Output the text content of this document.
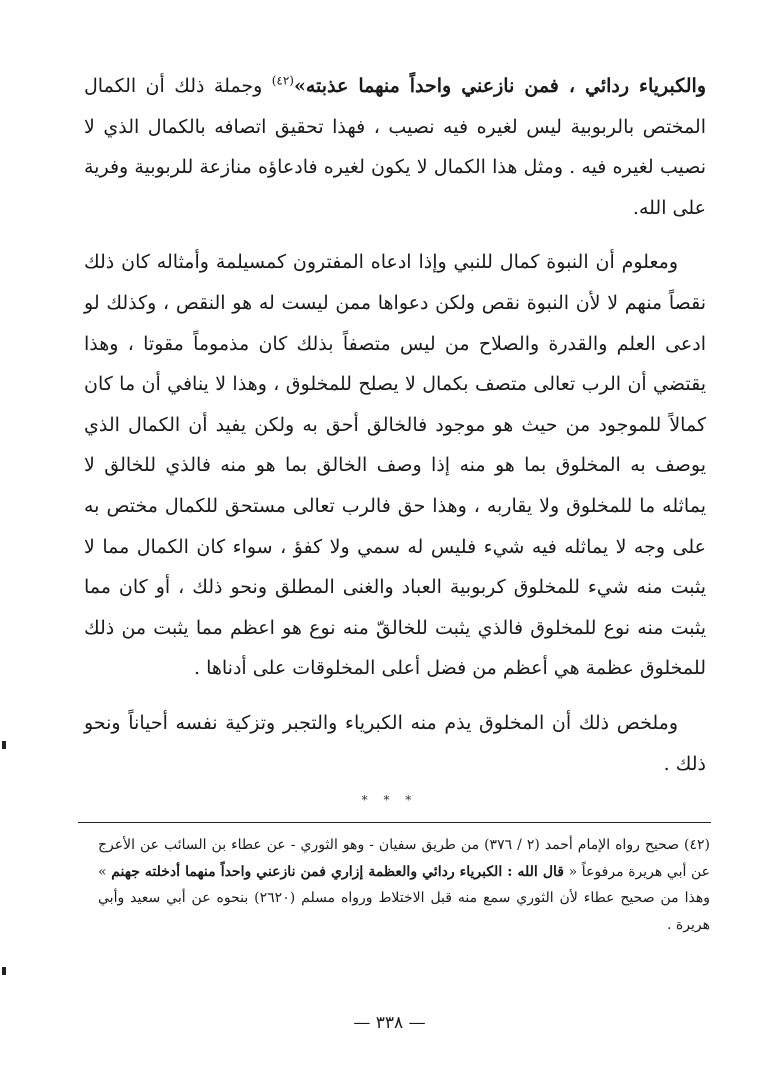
والكبرياء ردائي ، فمن نازعني واحداً منهما عذبته»$^{(٤٢)}$ وجملة ذلك أن الكمال المختص بالربوبية ليس لغيره فيه نصيب ، فهذا تحقيق اتصافه بالكمال الذي لا نصيب لغيره فيه . ومثل هذا الكمال لا يكون لغيره فادعاؤه منازعة للربوبية وفرية على الله.

ومعلوم أن النبوة كمال للنبي وإذا ادعاه المفترون كمسيلمة وأمثاله كان ذلك نقصاً منهم لا لأن النبوة نقص ولكن دعواها ممن ليست له هو النقص ، وكذلك لو ادعى العلم والقدرة والصلاح من ليس متصفاً بذلك كان مذموماً مقوتا ، وهذا يقتضي أن الرب تعالى متصف بكمال لا يصلح للمخلوق ، وهذا لا ينافي أن ما كان كمالاً للموجود من حيث هو موجود فالخالق أحق به ولكن يفيد أن الكمال الذي يوصف به المخلوق بما هو منه إذا وصف الخالق بما هو منه فالذي للخالق لا يماثله ما للمخلوق ولا يقاربه ، وهذا حق فالرب تعالى مستحق للكمال مختص به على وجه لا يماثله فيه شيء فليس له سمي ولا كفؤ ، سواء كان الكمال مما لا يثبت منه شيء للمخلوق كربوبية العباد والغنى المطلق ونحو ذلك ، أو كان مما يثبت منه نوع للمخلوق فالذي يثبت للخالقّ منه نوع هو اعظم مما يثبت من ذلك للمخلوق عظمة هي أعظم من فضل أعلى المخلوقات على أدناها .

وملخص ذلك أن المخلوق يذم منه الكبرياء والتجبر وتزكية نفسه أحياناً ونحو ذلك .

* * *

(٤٢) صحيح رواه الإمام أحمد (٢ / ٣٧٦) من طريق سفيان - وهو الثوري - عن عطاء بن السائب عن الأعرج عن أبي هريرة مرفوعاً « قال الله : الكبرياء ردائي والعظمة إزاري فمن نازعني واحداً منهما أدخلته جهنم » وهذا من صحيح عطاء لأن الثوري سمع منه قبل الاختلاط ورواه مسلم (٢٦٢٠) بنحوه عن أبي سعيد وأبي هريرة .

— ٣٣٨ —
